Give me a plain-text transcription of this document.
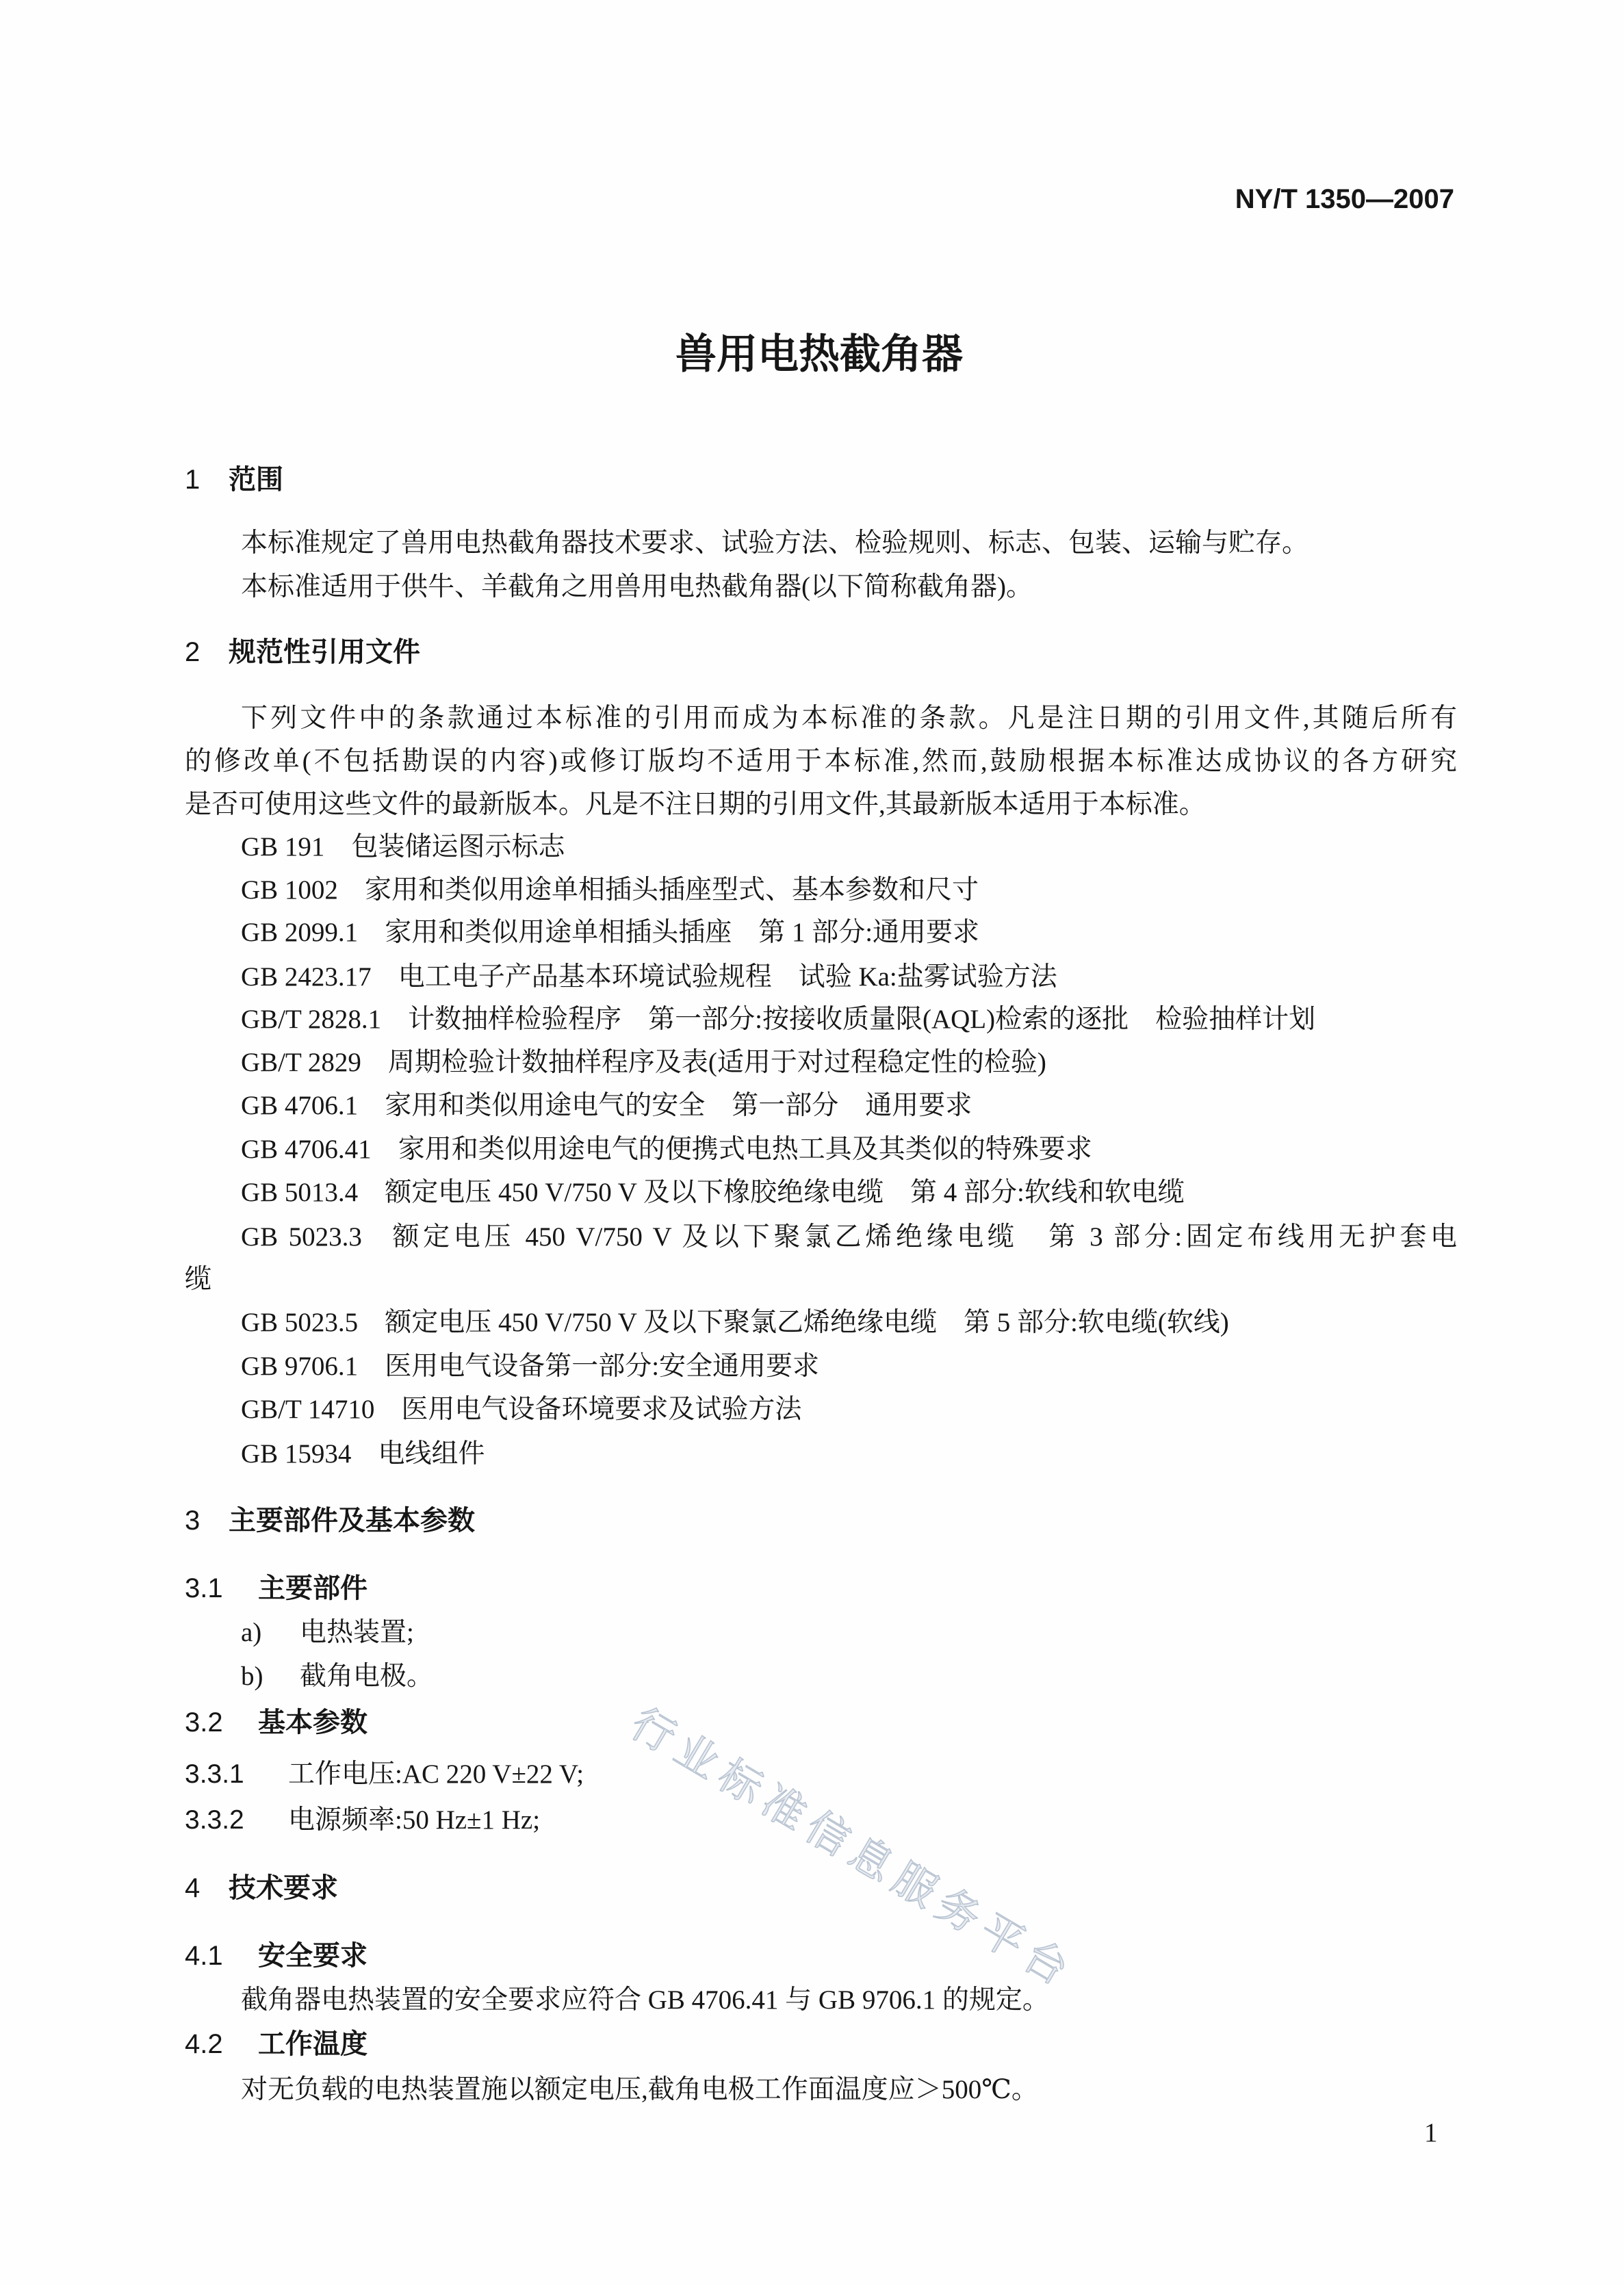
行业标准信息服务平台
NY/T 1350—2007
兽用电热截角器
1 范围
本标准规定了兽用电热截角器技术要求、试验方法、检验规则、标志、包装、运输与贮存。
本标准适用于供牛、羊截角之用兽用电热截角器(以下简称截角器)。
2 规范性引用文件
下列文件中的条款通过本标准的引用而成为本标准的条款。凡是注日期的引用文件,其随后所有
的修改单(不包括勘误的内容)或修订版均不适用于本标准,然而,鼓励根据本标准达成协议的各方研究
是否可使用这些文件的最新版本。凡是不注日期的引用文件,其最新版本适用于本标准。
GB 191 包装储运图示标志
GB 1002 家用和类似用途单相插头插座型式、基本参数和尺寸
GB 2099.1 家用和类似用途单相插头插座　第 1 部分:通用要求
GB 2423.17 电工电子产品基本环境试验规程　试验 Ka:盐雾试验方法
GB/T 2828.1 计数抽样检验程序　第一部分:按接收质量限(AQL)检索的逐批　检验抽样计划
GB/T 2829 周期检验计数抽样程序及表(适用于对过程稳定性的检验)
GB 4706.1 家用和类似用途电气的安全　第一部分　通用要求
GB 4706.41 家用和类似用途电气的便携式电热工具及其类似的特殊要求
GB 5013.4 额定电压 450 V/750 V 及以下橡胶绝缘电缆　第 4 部分:软线和软电缆
GB 5023.3 额定电压 450 V/750 V 及以下聚氯乙烯绝缘电缆　第 3 部分:固定布线用无护套电
缆
GB 5023.5 额定电压 450 V/750 V 及以下聚氯乙烯绝缘电缆　第 5 部分:软电缆(软线)
GB 9706.1 医用电气设备第一部分:安全通用要求
GB/T 14710 医用电气设备环境要求及试验方法
GB 15934 电线组件
3 主要部件及基本参数
3.1 主要部件
a) 电热装置;
b) 截角电极。
3.2 基本参数
3.3.1 工作电压:AC 220 V±22 V;
3.3.2 电源频率:50 Hz±1 Hz;
4 技术要求
4.1 安全要求
截角器电热装置的安全要求应符合 GB 4706.41 与 GB 9706.1 的规定。
4.2 工作温度
对无负载的电热装置施以额定电压,截角电极工作面温度应＞500℃。
1
